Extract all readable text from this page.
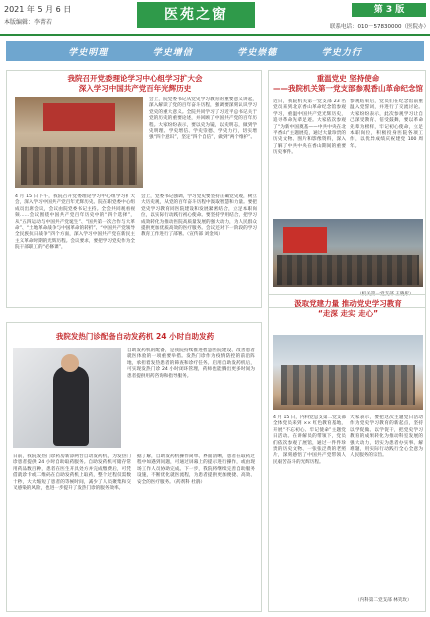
2021 年 5 月 6 日
本版编辑：李菁若	医苑之窗	第 3 版
联系电话：010－57830000（医院办）
学史明理	学史增信	学史崇德	学史力行
我院召开党委理论学习中心组学习扩大会
深入学习中国共产党百年光辉历史
会上，院党委书记从党史学习教育的重要意义讲起，深入解读了党的百年奋斗历程，强调要深刻认识学习党史的重大意义。全院共同学习了习近平总书记关于党的历史的重要论述，并回顾了中国共产党的百年历程。大家纷纷表示，要以史为镜，以史明志，做到学史明理、学史增信、学史崇德、学史力行，切实增强“四个意识”，坚定“四个自信”，做到“两个维护”。
4 月 15 日下午，我院召开党委理论学习中心组学习扩大会，深入学习中国共产党百年光辉历史。院在职党委中心组成员出席会议，会议由院党委书记主持。全会共同观看视频……会议围绕中国共产党百年历史中的“四个选择”，从“五四运动与中国共产党诞生”、“国共第一次合作与大革命”、“土地革命战争与中国革命的转折”、“中国共产党领导全民族抗日战争”四个方面，深入学习中国共产党在新民主主义革命时期的光辉历程。会议要求，要把学习党史作为全院干部职工的“必修课”，
会上，党委书记强调，学习党史要坚持正确党史观，树立大历史观，从党的百年奋斗历程中汲取智慧和力量。要把党史学习教育同医院建设和发展紧密结合，立足本职岗位，以实际行动践行初心使命。要坚持学用结合，把学习成效转化为推动医院高质量发展的强大动力，为人民群众提供更加优质高效的医疗服务。会议还对下一阶段的学习教育工作进行了部署。（宣传部 刘金凤）
我院发热门诊配备自动发药机 24 小时自助发药
自助发药机的配备，是我院持续推进智慧医院建设、改善患者就医体验的一项重要举措。发热门诊作为疫情防控的前沿阵地，承担着发热患者的筛查和诊疗任务。启用自助发药机后，可实现发热门诊 24 小时闭环管理，药师也能腾出更多时间为患者提供用药咨询和指导服务。
日前，我院发热门诊药房新添两台自动发药机，为发热门诊患者提供 24 小时自助取药服务。自助发药机可储存常用药品数百种，患者在医生开具处方并完成缴费后，可凭借就诊卡或二维码在自助发药机上取药，整个过程仅需数十秒，大大缩短了患者的等候时间，减少了人员聚集和交叉感染的风险，也进一步提升了发热门诊的服务效率。
据了解，自助发药机操作简单、界面清晰，患者在取药过程中如遇到问题，可通过屏幕上的提示进行操作，或由现场工作人员协助完成。下一步，我院将继续完善自助服务设施，不断优化就医流程，为患者提供更加便捷、高效、安全的医疗服务。（药剂科 杜鹃）
重温党史 坚持使命
——我院机关第一党支部参观香山革命纪念馆
近日，我院机关第一党支部 23 名党员来到北京香山革命纪念馆参观学习，重温中国共产党光辉历史，追寻革命先辈足迹。大家依次参观了“为新中国奠基——中共中央在北平香山”主题展览，通过大量珍贵的历史文物、图片和影像资料，深入了解了中共中央在香山期间的重要历史事件。
参观结束后，党员们在纪念馆前重温入党誓词，并进行了交流讨论。大家纷纷表示，此次参观学习让自己深受教育、倍受鼓舞，要以革命先辈为榜样，牢记初心使命，立足本职岗位，积极投身医院各项工作，以优异成绩庆祝建党 100 周年。
（机关第一党支部 王晓彤）
汲取党建力量 推动党史学习教育
“走深 走实 走心”
4 月 15 日，内科党总支第二党支部全体党员来到 ×× 红色教育基地，开展“不忘初心、牢记使命”主题党日活动。在讲解员的带领下，党员们依次参观了展馆，通过一件件珍贵的历史文物、一张张泛黄的老照片，深刻感悟了中国共产党带领人民艰苦奋斗的光辉历程。
大家表示，要把这次主题党日活动作为党史学习教育的新起点，坚持以学促做、以学促干，把党史学习教育的成果转化为推动科室发展的强大动力，切实为患者办实事、解难题，用实际行动践行全心全意为人民服务的宗旨。
（内科第二党支部 林笑玫）
